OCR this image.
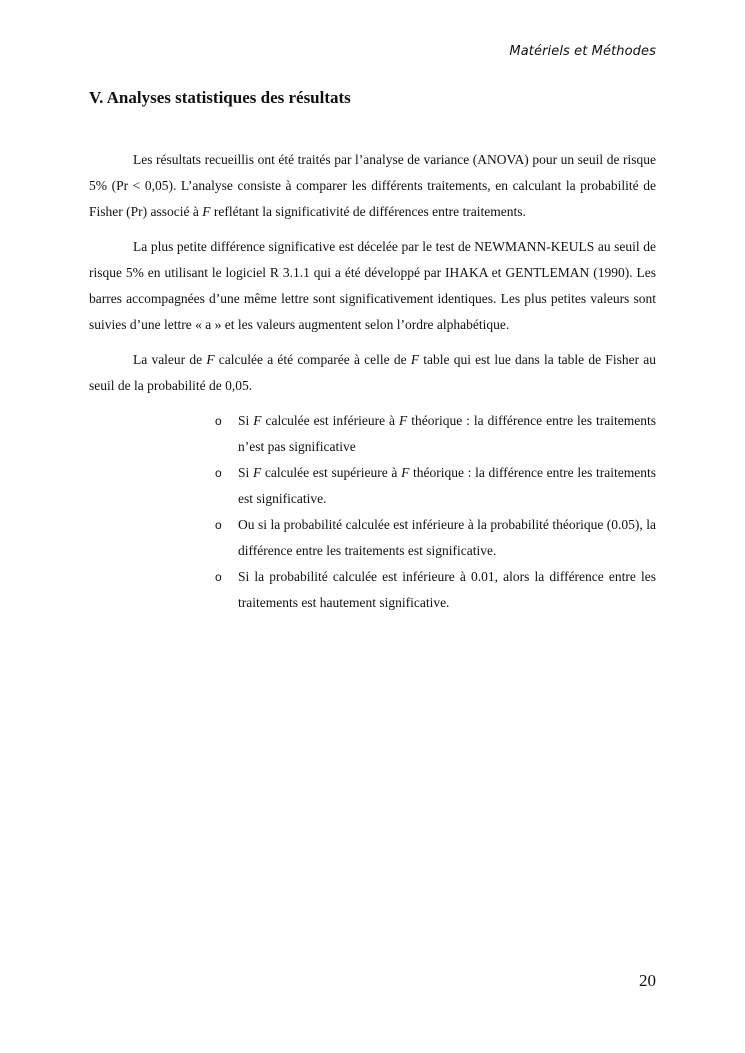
Matériels et Méthodes
V. Analyses statistiques des résultats

Les résultats recueillis ont été traités par l’analyse de variance (ANOVA) pour un seuil de risque 5% (Pr < 0,05). L’analyse consiste à comparer les différents traitements, en calculant la probabilité de Fisher (Pr) associé à F reflétant la significativité de différences entre traitements.

La plus petite différence significative est décelée par le test de NEWMANN-KEULS au seuil de risque 5% en utilisant le logiciel R 3.1.1 qui a été développé par IHAKA et GENTLEMAN (1990). Les barres accompagnées d’une même lettre sont significativement identiques. Les plus petites valeurs sont suivies d’une lettre « a » et les valeurs augmentent selon l’ordre alphabétique.

La valeur de F calculée a été comparée à celle de F table qui est lue dans la table de Fisher au seuil de la probabilité de 0,05.

o Si F calculée est inférieure à F théorique : la différence entre les traitements n’est pas significative
o Si F calculée est supérieure à F théorique : la différence entre les traitements est significative.
o Ou si la probabilité calculée est inférieure à la probabilité théorique (0.05), la différence entre les traitements est significative.
o Si la probabilité calculée est inférieure à 0.01, alors la différence entre les traitements est hautement significative.
20
